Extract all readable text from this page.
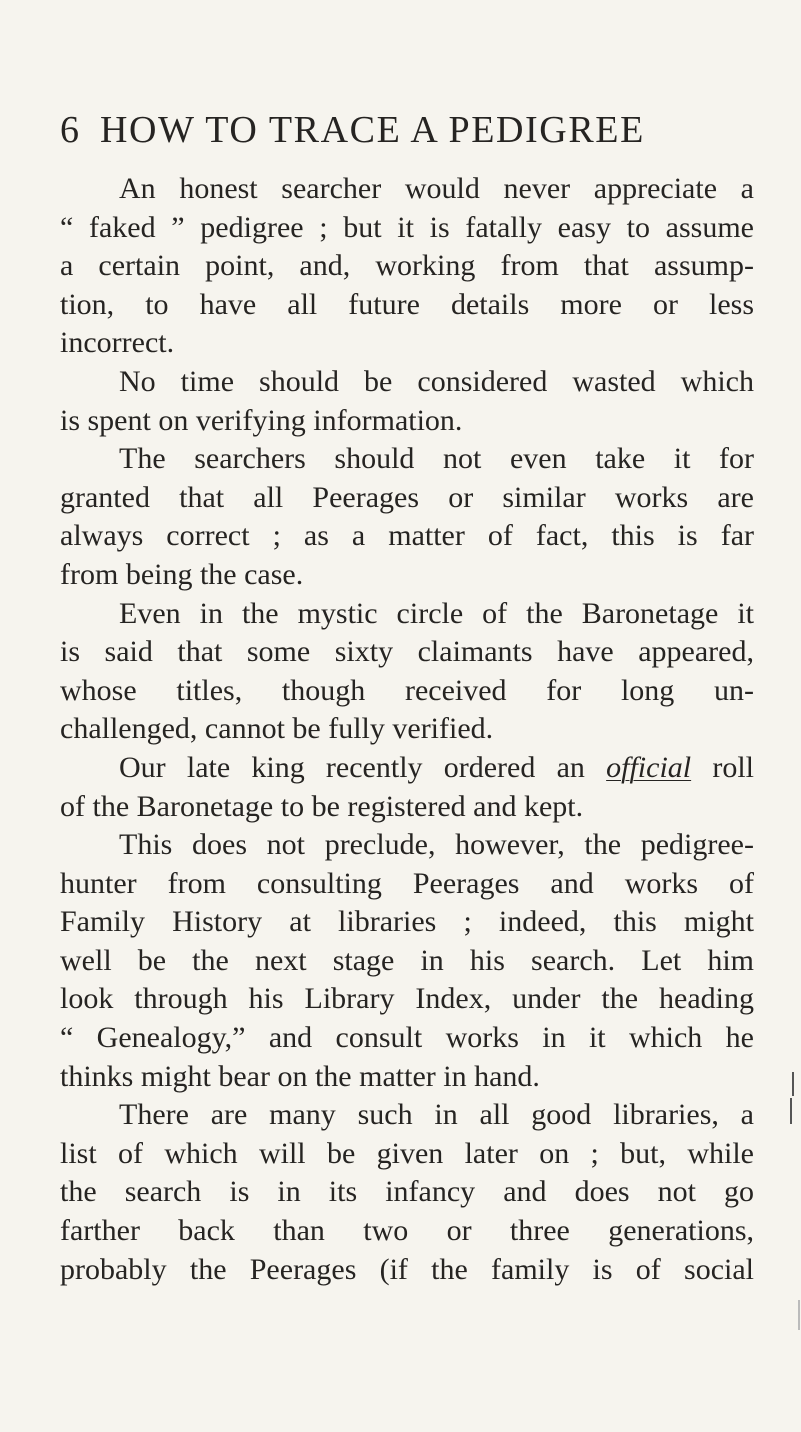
6 HOW TO TRACE A PEDIGREE
An honest searcher would never appreciate a
“ faked ” pedigree ; but it is fatally easy to assume
a certain point, and, working from that assump-
tion, to have all future details more or less
incorrect.
No time should be considered wasted which
is spent on verifying information.
The searchers should not even take it for
granted that all Peerages or similar works are
always correct ; as a matter of fact, this is far
from being the case.
Even in the mystic circle of the Baronetage it
is said that some sixty claimants have appeared,
whose titles, though received for long un-
challenged, cannot be fully verified.
Our late king recently ordered an official roll
of the Baronetage to be registered and kept.
This does not preclude, however, the pedigree-
hunter from consulting Peerages and works of
Family History at libraries ; indeed, this might
well be the next stage in his search. Let him
look through his Library Index, under the heading
“ Genealogy,” and consult works in it which he
thinks might bear on the matter in hand.
There are many such in all good libraries, a
list of which will be given later on ; but, while
the search is in its infancy and does not go
farther back than two or three generations,
probably the Peerages (if the family is of social
